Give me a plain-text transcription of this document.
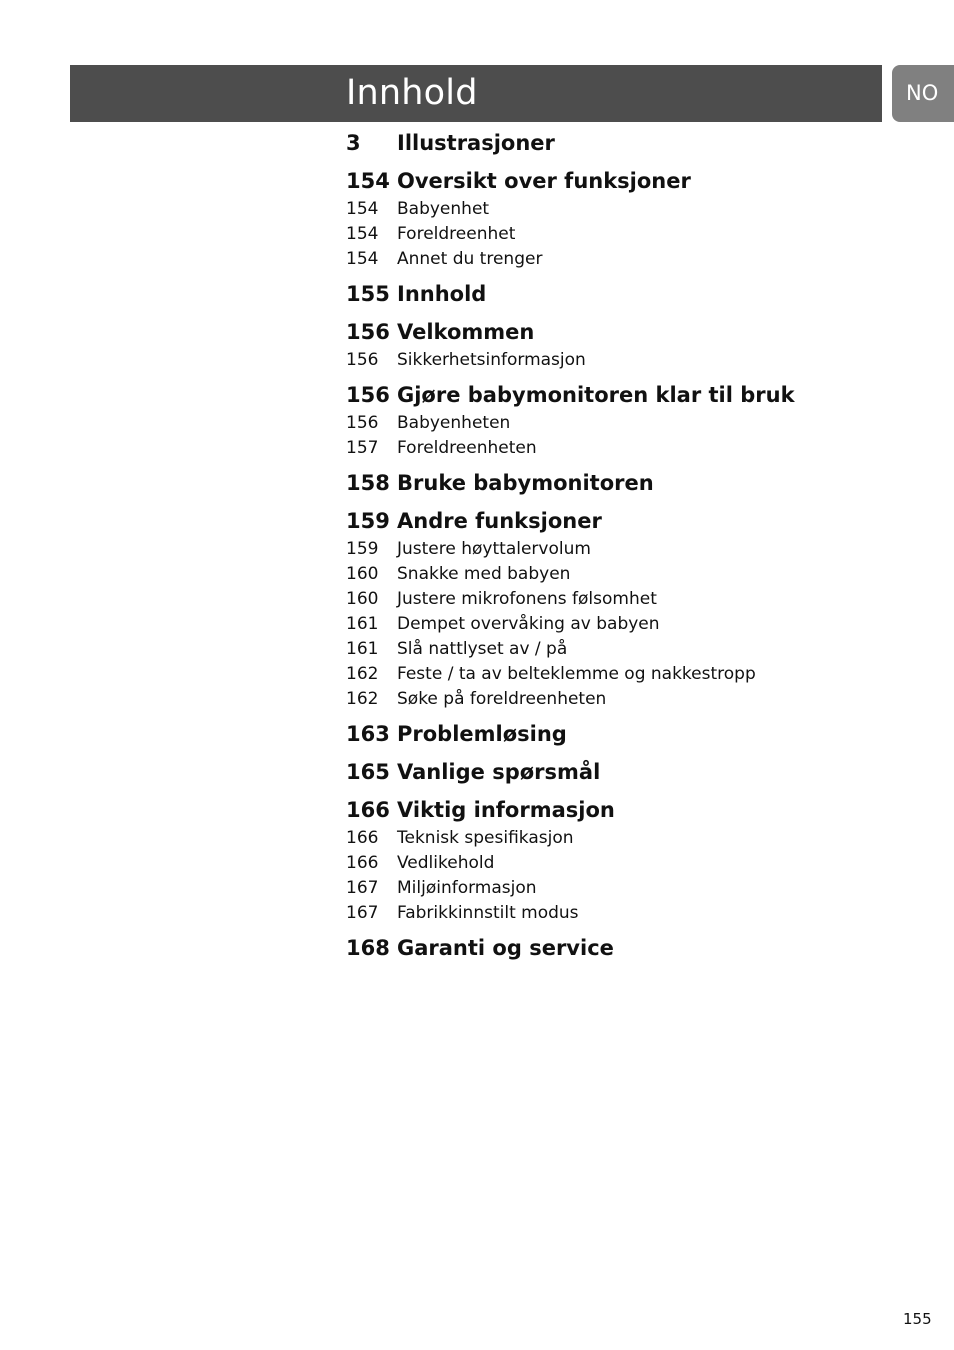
Innhold	NO
3	Illustrasjoner
154 Oversikt over funksjoner
154	Babyenhet
154	Foreldreenhet
154	Annet du trenger
155 Innhold
156 Velkommen
156	Sikkerhetsinformasjon
156 Gjøre babymonitoren klar til bruk
156	Babyenheten
157	Foreldreenheten
158 Bruke babymonitoren
159 Andre funksjoner
159	Justere høyttalervolum
160	Snakke med babyen
160	Justere mikrofonens følsomhet
161	Dempet overvåking av babyen
161	Slå nattlyset av / på
162	Feste / ta av belteklemme og nakkestropp
162	Søke på foreldreenheten
163 Problemløsing
165 Vanlige spørsmål
166 Viktig informasjon
166	Teknisk spesifikasjon
166	Vedlikehold
167	Miljøinformasjon
167	Fabrikkinnstilt modus
168 Garanti og service
155
